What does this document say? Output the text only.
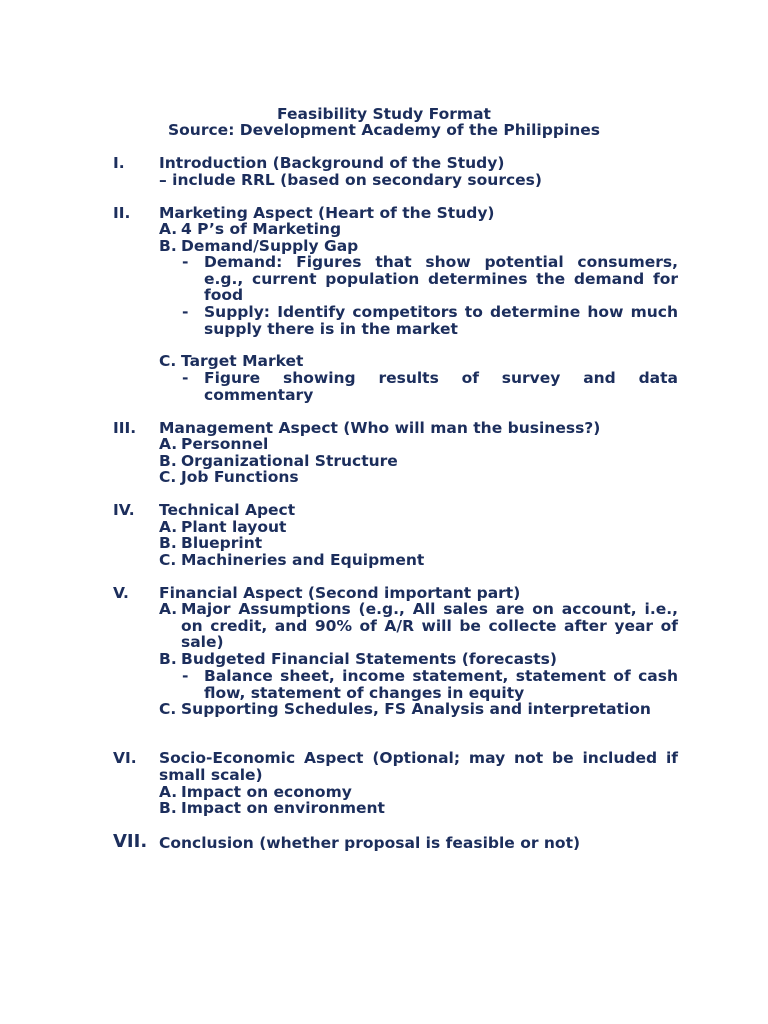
Feasibility Study Format
Source: Development Academy of the Philippines
I. Introduction (Background of the Study)
– include RRL (based on secondary sources)
II. Marketing Aspect (Heart of the Study)
A. 4 P’s of Marketing
B. Demand/Supply Gap
- Demand: Figures that show potential consumers, e.g., current population determines the demand for food
- Supply: Identify competitors to determine how much supply there is in the market
C. Target Market
- Figure showing results of survey and data commentary
III. Management Aspect (Who will man the business?)
A. Personnel
B. Organizational Structure
C. Job Functions
IV. Technical Apect
A. Plant layout
B. Blueprint
C. Machineries and Equipment
V. Financial Aspect (Second important part)
A. Major Assumptions (e.g., All sales are on account, i.e., on credit, and 90% of A/R will be collecte after year of sale)
B. Budgeted Financial Statements (forecasts)
- Balance sheet, income statement, statement of cash flow, statement of changes in equity
C. Supporting Schedules, FS Analysis and interpretation
VI. Socio-Economic Aspect (Optional; may not be included if small scale)
A. Impact on economy
B. Impact on environment
VII. Conclusion (whether proposal is feasible or not)
